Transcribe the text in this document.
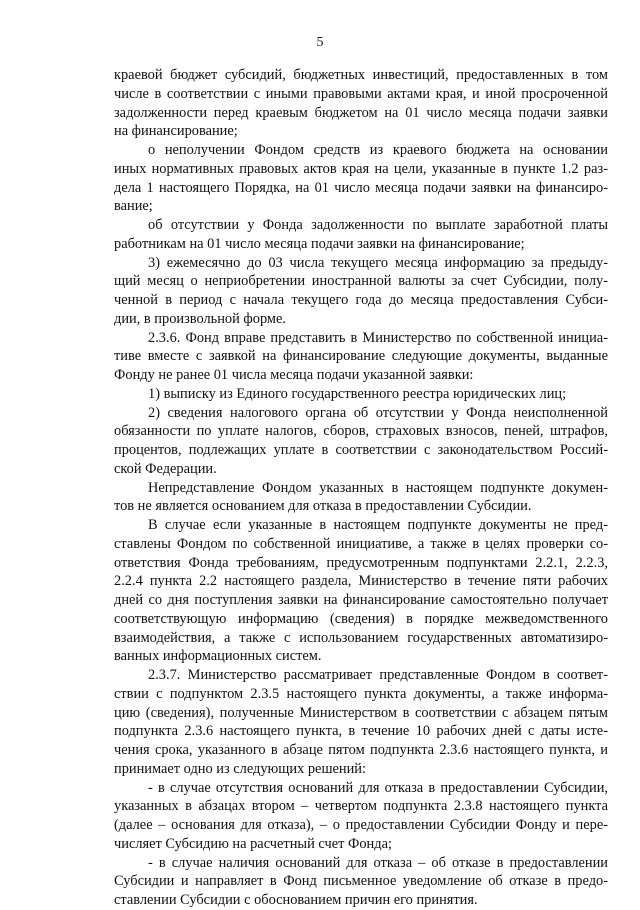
5
краевой бюджет субсидий, бюджетных инвестиций, предоставленных в том
числе в соответствии с иными правовыми актами края, и иной просроченной
задолженности перед краевым бюджетом на 01 число месяца подачи заявки
на финансирование;
о неполучении Фондом средств из краевого бюджета на основании
иных нормативных правовых актов края на цели, указанные в пункте 1.2 раз-
дела 1 настоящего Порядка, на 01 число месяца подачи заявки на финансиро-
вание;
об отсутствии у Фонда задолженности по выплате заработной платы
работникам на 01 число месяца подачи заявки на финансирование;
3) ежемесячно до 03 числа текущего месяца информацию за предыду-
щий месяц о неприобретении иностранной валюты за счет Субсидии, полу-
ченной в период с начала текущего года до месяца предоставления Субси-
дии, в произвольной форме.
2.3.6. Фонд вправе представить в Министерство по собственной инициа-
тиве вместе с заявкой на финансирование следующие документы, выданные
Фонду не ранее 01 числа месяца подачи указанной заявки:
1) выписку из Единого государственного реестра юридических лиц;
2) сведения налогового органа об отсутствии у Фонда неисполненной
обязанности по уплате налогов, сборов, страховых взносов, пеней, штрафов,
процентов, подлежащих уплате в соответствии с законодательством Россий-
ской Федерации.
Непредставление Фондом указанных в настоящем подпункте докумен-
тов не является основанием для отказа в предоставлении Субсидии.
В случае если указанные в настоящем подпункте документы не пред-
ставлены Фондом по собственной инициативе, а также в целях проверки со-
ответствия Фонда требованиям, предусмотренным подпунктами 2.2.1, 2.2.3,
2.2.4 пункта 2.2 настоящего раздела, Министерство в течение пяти рабочих
дней со дня поступления заявки на финансирование самостоятельно получает
соответствующую информацию (сведения) в порядке межведомственного
взаимодействия, а также с использованием государственных автоматизиро-
ванных информационных систем.
2.3.7. Министерство рассматривает представленные Фондом в соответ-
ствии с подпунктом 2.3.5 настоящего пункта документы, а также информа-
цию (сведения), полученные Министерством в соответствии с абзацем пятым
подпункта 2.3.6 настоящего пункта, в течение 10 рабочих дней с даты исте-
чения срока, указанного в абзаце пятом подпункта 2.3.6 настоящего пункта, и
принимает одно из следующих решений:
- в случае отсутствия оснований для отказа в предоставлении Субсидии,
указанных в абзацах втором – четвертом подпункта 2.3.8 настоящего пункта
(далее – основания для отказа), – о предоставлении Субсидии Фонду и пере-
числяет Субсидию на расчетный счет Фонда;
- в случае наличия оснований для отказа – об отказе в предоставлении
Субсидии и направляет в Фонд письменное уведомление об отказе в предо-
ставлении Субсидии с обоснованием причин его принятия.
